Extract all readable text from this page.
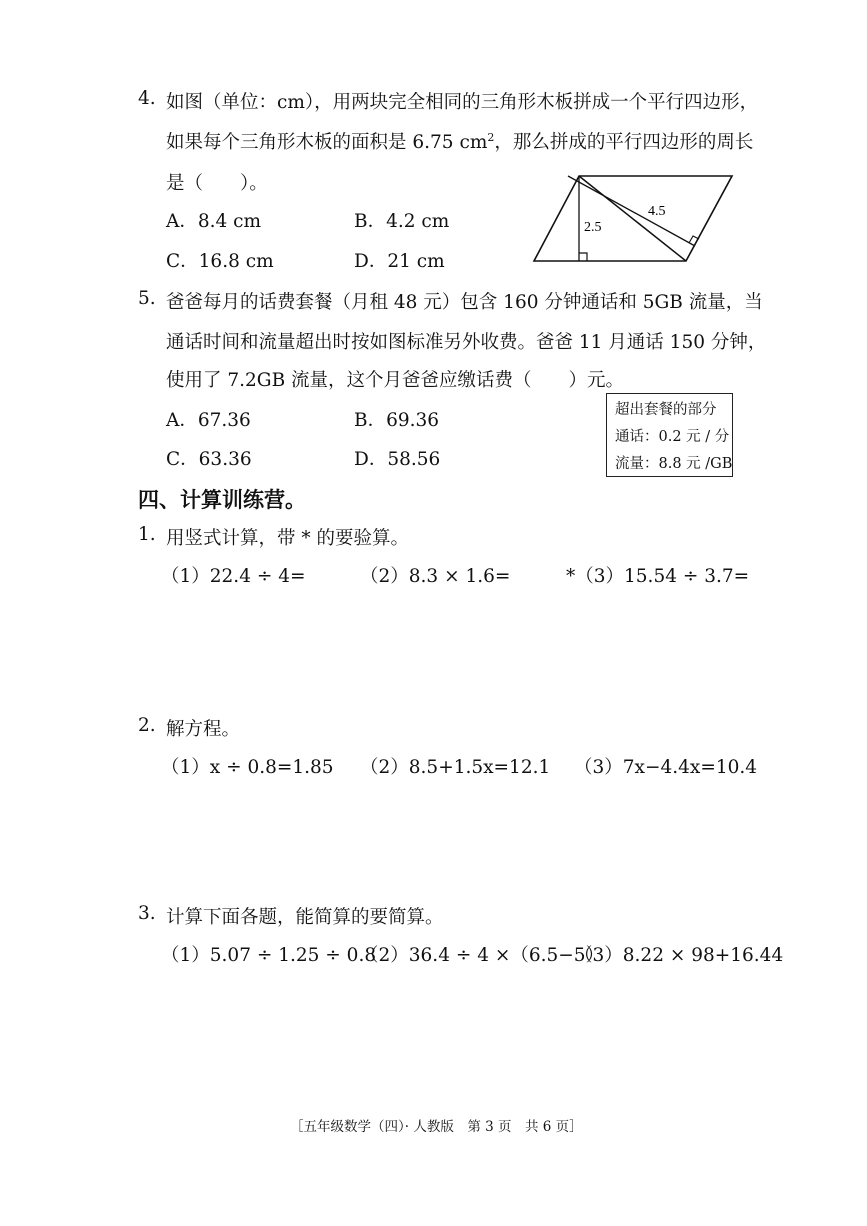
4. 如图（单位：cm），用两块完全相同的三角形木板拼成一个平行四边形，
如果每个三角形木板的面积是 6.75 $cm^2$，那么拼成的平行四边形的周长
是（　　）。
A．8.4 cm	B．4.2 cm
C．16.8 cm	D．21 cm
2.5
4.5
5. 爸爸每月的话费套餐（月租 48 元）包含 160 分钟通话和 5GB 流量，当
通话时间和流量超出时按如图标准另外收费。爸爸 11 月通话 150 分钟，
使用了 7.2GB 流量，这个月爸爸应缴话费（　　）元。
A．67.36	B．69.36
C．63.36	D．58.56
超出套餐的部分
通话：0.2 元 / 分
流量：8.8 元 /GB
四、计算训练营。
1. 用竖式计算，带 * 的要验算。
（1）22.4 ÷ 4=	（2）8.3 × 1.6=	*（3）15.54 ÷ 3.7=
2. 解方程。
（1）x ÷ 0.8=1.85 （2）8.5+1.5x=12.1 （3）7x−4.4x=10.4
3. 计算下面各题，能简算的要简算。
（1）5.07 ÷ 1.25 ÷ 0.8
（2）36.4 ÷ 4 ×（6.5−5）
（3）8.22 × 98+16.44
［五年级数学（四）· 人教版　第 3 页　共 6 页］
